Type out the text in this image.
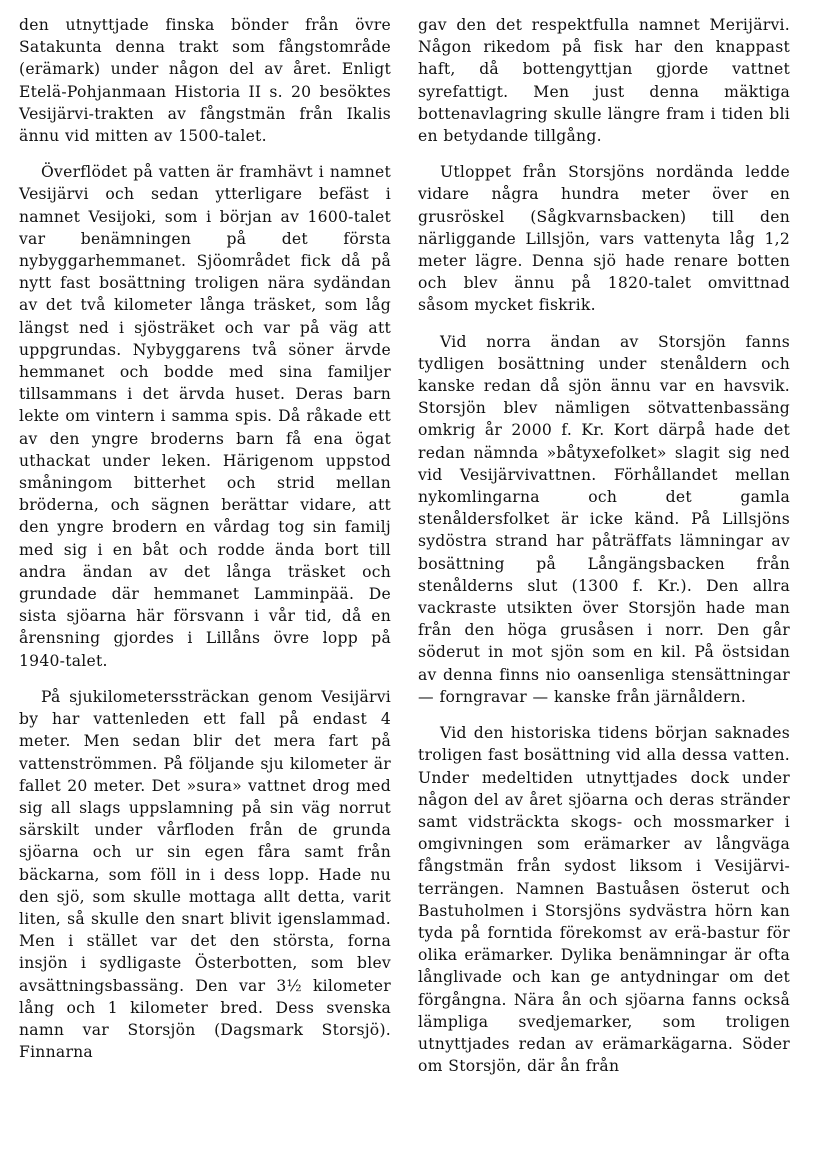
den utnyttjade finska bönder från övre Satakunta denna trakt som fångstområde (erämark) under någon del av året. Enligt Etelä-Pohjanmaan Historia II s. 20 besöktes Vesijärvi-trakten av fångstmän från Ikalis ännu vid mitten av 1500-talet.

Överflödet på vatten är framhävt i namnet Vesijärvi och sedan ytterligare befäst i namnet Vesijoki, som i början av 1600-talet var benämningen på det första nybyggarhemmanet. Sjöområdet fick då på nytt fast bosättning troligen nära sydändan av det två kilometer långa träsket, som låg längst ned i sjösträket och var på väg att uppgrundas. Nybyggarens två söner ärvde hemmanet och bodde med sina familjer tillsammans i det ärvda huset. Deras barn lekte om vintern i samma spis. Då råkade ett av den yngre broderns barn få ena ögat uthackat under leken. Härigenom uppstod småningom bitterhet och strid mellan bröderna, och sägnen berättar vidare, att den yngre brodern en vårdag tog sin familj med sig i en båt och rodde ända bort till andra ändan av det långa träsket och grundade där hemmanet Lamminpää. De sista sjöarna här försvann i vår tid, då en årensning gjordes i Lillåns övre lopp på 1940-talet.

På sjukilometerssträckan genom Vesijärvi by har vattenleden ett fall på endast 4 meter. Men sedan blir det mera fart på vattenströmmen. På följande sju kilometer är fallet 20 meter. Det »sura» vattnet drog med sig all slags uppslamning på sin väg norrut särskilt under vårfloden från de grunda sjöarna och ur sin egen fåra samt från bäckarna, som föll in i dess lopp. Hade nu den sjö, som skulle mottaga allt detta, varit liten, så skulle den snart blivit igenslammad. Men i stället var det den största, forna insjön i sydligaste Österbotten, som blev avsättningsbassäng. Den var 3½ kilometer lång och 1 kilometer bred. Dess svenska namn var Storsjön (Dagsmark Storsjö). Finnarna

gav den det respektfulla namnet Merijärvi. Någon rikedom på fisk har den knappast haft, då bottengyttjan gjorde vattnet syrefattigt. Men just denna mäktiga bottenavlagring skulle längre fram i tiden bli en betydande tillgång.

Utloppet från Storsjöns nordända ledde vidare några hundra meter över en grusröskel (Sågkvarnsbacken) till den närliggande Lillsjön, vars vattenyta låg 1,2 meter lägre. Denna sjö hade renare botten och blev ännu på 1820-talet omvittnad såsom mycket fiskrik.

Vid norra ändan av Storsjön fanns tydligen bosättning under stenåldern och kanske redan då sjön ännu var en havsvik. Storsjön blev nämligen sötvattenbassäng omkrig år 2000 f. Kr. Kort därpå hade det redan nämnda »båtyxefolket» slagit sig ned vid Vesijärvivattnen. Förhållandet mellan nykomlingarna och det gamla stenåldersfolket är icke känd. På Lillsjöns sydöstra strand har påträffats lämningar av bosättning på Långängsbacken från stenålderns slut (1300 f. Kr.). Den allra vackraste utsikten över Storsjön hade man från den höga grusåsen i norr. Den går söderut in mot sjön som en kil. På östsidan av denna finns nio oansenliga stensättningar — forngravar — kanske från järnåldern.

Vid den historiska tidens början saknades troligen fast bosättning vid alla dessa vatten. Under medeltiden utnyttjades dock under någon del av året sjöarna och deras stränder samt vidsträckta skogs- och mossmarker i omgivningen som erämarker av långväga fångstmän från sydost liksom i Vesijärvi-terrängen. Namnen Bastuåsen österut och Bastuholmen i Storsjöns sydvästra hörn kan tyda på forntida förekomst av erä-bastur för olika erämarker. Dylika benämningar är ofta långlivade och kan ge antydningar om det förgångna. Nära ån och sjöarna fanns också lämpliga svedjemarker, som troligen utnyttjades redan av erämarkägarna. Söder om Storsjön, där ån från
